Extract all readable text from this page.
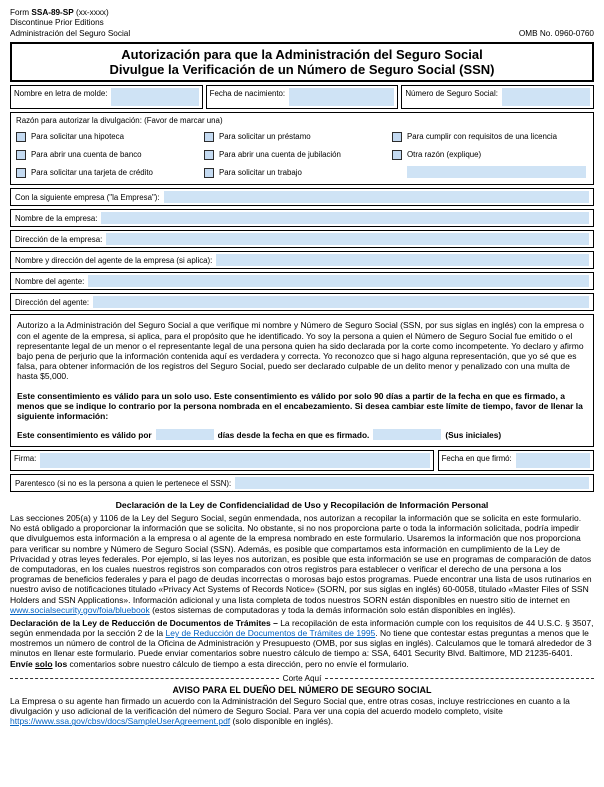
Form SSA-89-SP (xx-xxxx)
Discontinue Prior Editions
Administración del Seguro Social	OMB No. 0960-0760
Autorización para que la Administración del Seguro Social
Divulgue la Verificación de un Número de Seguro Social (SSN)
Nombre en letra de molde:	Fecha de nacimiento:	Número de Seguro Social:
Razón para autorizar la divulgación: (Favor de marcar una)
Para solicitar una hipoteca
Para abrir una cuenta de banco
Para solicitar una tarjeta de crédito
Para solicitar un préstamo
Para abrir una cuenta de jubilación
Para solicitar un trabajo
Para cumplir con requisitos de una licencia
Otra razón (explique)
Con la siguiente empresa ("la Empresa"):
Nombre de la empresa:
Dirección de la empresa:
Nombre y dirección del agente de la empresa (si aplica):
Nombre del agente:
Dirección del agente:

Autorizo a la Administración del Seguro Social a que verifique mi nombre y Número de Seguro Social (SSN, por sus siglas en inglés) con la empresa o con el agente de la empresa, si aplica, para el propósito que he identificado. Yo soy la persona a quien el Número de Seguro Social fue emitido o el representante legal de un menor o el representante legal de una persona quien ha sido declarada por la corte como incompetente. Yo declaro y afirmo bajo pena de perjurio que la información contenida aquí es verdadera y correcta. Yo reconozco que si hago alguna representación, que yo sé que es falsa, para obtener información de los registros del Seguro Social, puedo ser declarado culpable de un delito menor y penalizado con una multa de hasta $5,000.

Este consentimiento es válido para un solo uso. Este consentimiento es válido por solo 90 días a partir de la fecha en que es firmado, a menos que se indique lo contrario por la persona nombrada en el encabezamiento. Si desea cambiar este límite de tiempo, favor de llenar la siguiente información:

Este consentimiento es válido por	días desde la fecha en que es firmado.	(Sus iniciales)
Firma:	Fecha en que firmó:
Parentesco (si no es la persona a quien le pertenece el SSN):
Declaración de la Ley de Confidencialidad de Uso y Recopilación de Información Personal

Las secciones 205(a) y 1106 de la Ley del Seguro Social, según enmendada, nos autorizan a recopilar la información que se solicita en este formulario. No está obligado a proporcionar la información que se solicita. No obstante, si no nos proporciona parte o toda la información solicitada, podría impedir que divulguemos esta información a la empresa o al agente de la empresa nombrado en este formulario. Usaremos la información que nos proporciona para verificar su nombre y Número de Seguro Social (SSN). Además, es posible que compartamos esta información en cumplimiento de la Ley de Privacidad y otras leyes federales. Por ejemplo, si las leyes nos autorizan, es posible que esta información se use en programas de comparación de datos de computadoras, en los cuales nuestros registros son comparados con otros registros para establecer o verificar el derecho de una persona a los programas de beneficios federales y para el pago de deudas incorrectas o morosas bajo estos programas. Puede encontrar una lista de usos rutinarios en nuestro aviso de notificaciones titulado «Privacy Act Systems of Records Notice» (SORN, por sus siglas en inglés) 60-0058, titulado «Master Files of SSN Holders and SSN Applications». Información adicional y una lista completa de todos nuestros SORN están disponibles en nuestro sitio de internet en www.socialsecurity.gov/foia/bluebook (estos sistemas de computadoras y toda la demás información solo están disponibles en inglés).

Declaración de la Ley de Reducción de Documentos de Trámites – La recopilación de esta información cumple con los requisitos de 44 U.S.C. § 3507, según enmendada por la sección 2 de la Ley de Reducción de Documentos de Trámites de 1995. No tiene que contestar estas preguntas a menos que le mostremos un número de control de la Oficina de Administración y Presupuesto (OMB, por sus siglas en inglés). Calculamos que le tomará alrededor de 3 minutos en llenar este formulario. Puede enviar comentarios sobre nuestro cálculo de tiempo a: SSA, 6401 Security Blvd. Baltimore, MD 21235-6401. Envíe solo los comentarios sobre nuestro cálculo de tiempo a esta dirección, pero no envíe el formulario.

Corte Aquí
AVISO PARA EL DUEÑO DEL NÚMERO DE SEGURO SOCIAL

La Empresa o su agente han firmado un acuerdo con la Administración del Seguro Social que, entre otras cosas, incluye restricciones en cuanto a la divulgación y uso adicional de la verificación del número de Seguro Social. Para ver una copia del acuerdo modelo completo, visite https://www.ssa.gov/cbsv/docs/SampleUserAgreement.pdf (solo disponible en inglés).
